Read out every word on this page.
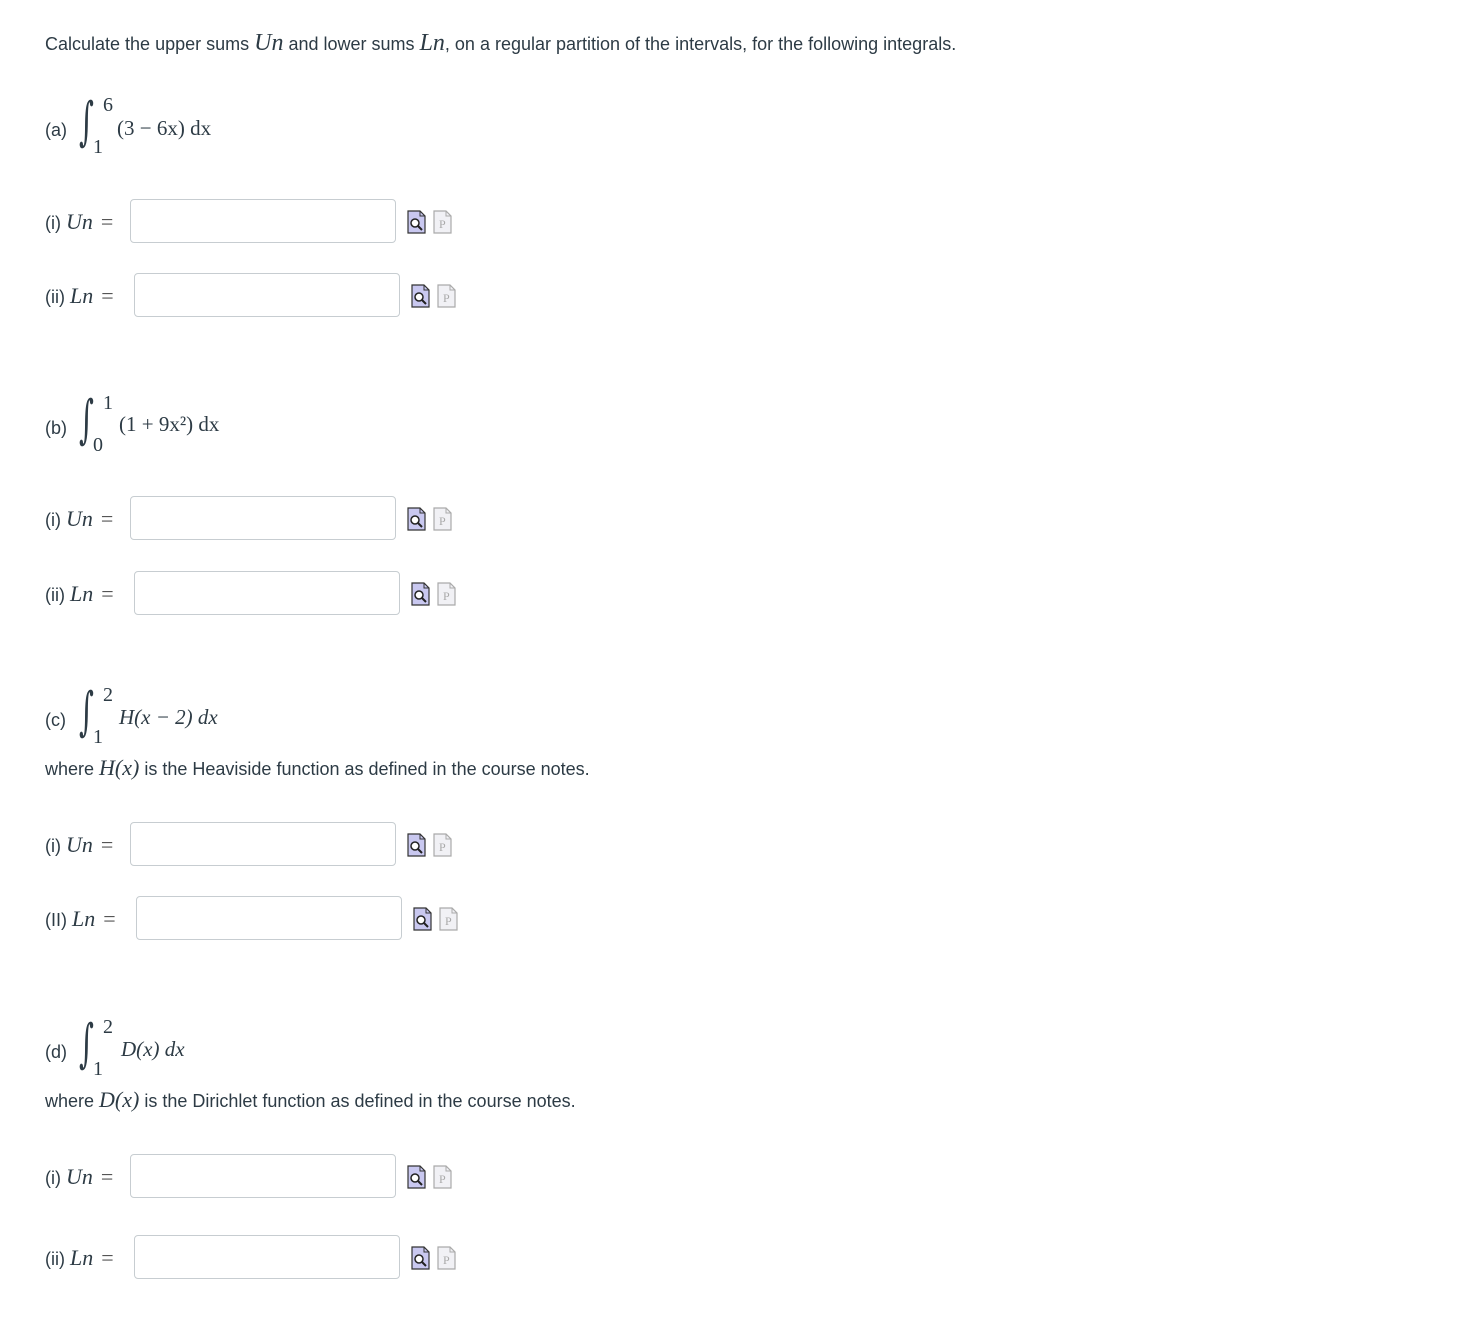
Calculate the upper sums Un and lower sums Ln, on a regular partition of the intervals, for the following integrals.
(a) ∫ 6
1
(3 − 6x) dx
(i) Un =	P
(ii) Ln =	P
(b) ∫ 1
0
(1 + 9x²) dx
(i) Un =	P
(ii) Ln =	P
(c) ∫ 2
1
H(x − 2) dx
where H(x) is the Heaviside function as defined in the course notes.
(i) Un =	P
(II) Ln =	P
(d) ∫ 2
1
D(x) dx
where D(x) is the Dirichlet function as defined in the course notes.
(i) Un =	P
(ii) Ln =	P
